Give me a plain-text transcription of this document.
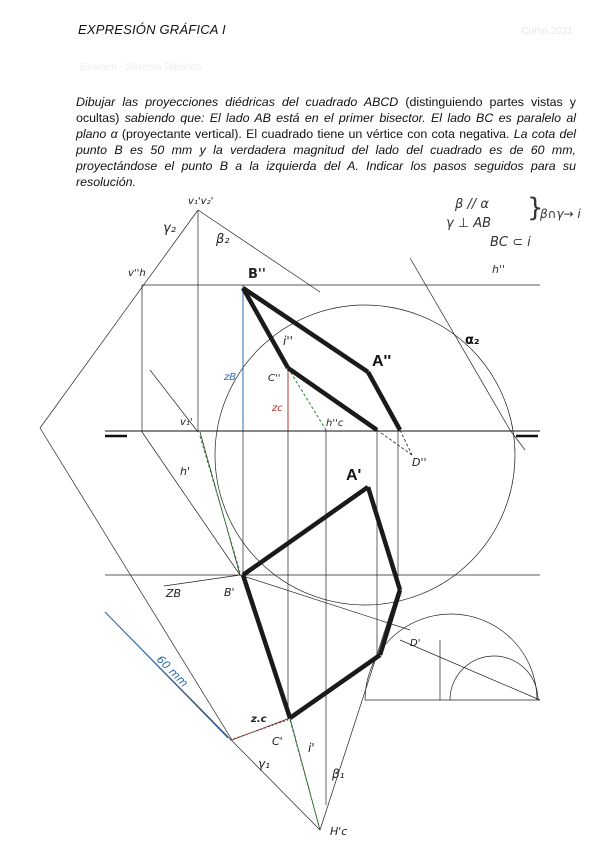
EXPRESIÓN GRÁFICA I	Curso 2021
Examen - Sistema Diédrico
Dibujar las proyecciones diédricas del cuadrado ABCD (distinguiendo partes vistas y ocultas) sabiendo que: El lado AB está en el primer bisector. El lado BC es paralelo al plano α (proyectante vertical). El cuadrado tiene un vértice con cota negativa. La cota del punto B es 50 mm y la verdadera magnitud del lado del cuadrado es de 60 mm, proyectándose el punto B a la izquierda del A. Indicar los pasos seguidos para su resolución.
β // α
γ ⊥ AB
}
β∩γ→ i
BC ⊂ i
h''
v₁'v₂'
γ₂
β₂
v''h	B''
i''
A''
α₂
zB	C''
zc
v₁'	h''c
D''
h'	A'
ZB	B'
D'
60 mm
z.c
C' i'
γ₁
β₁
H'c
